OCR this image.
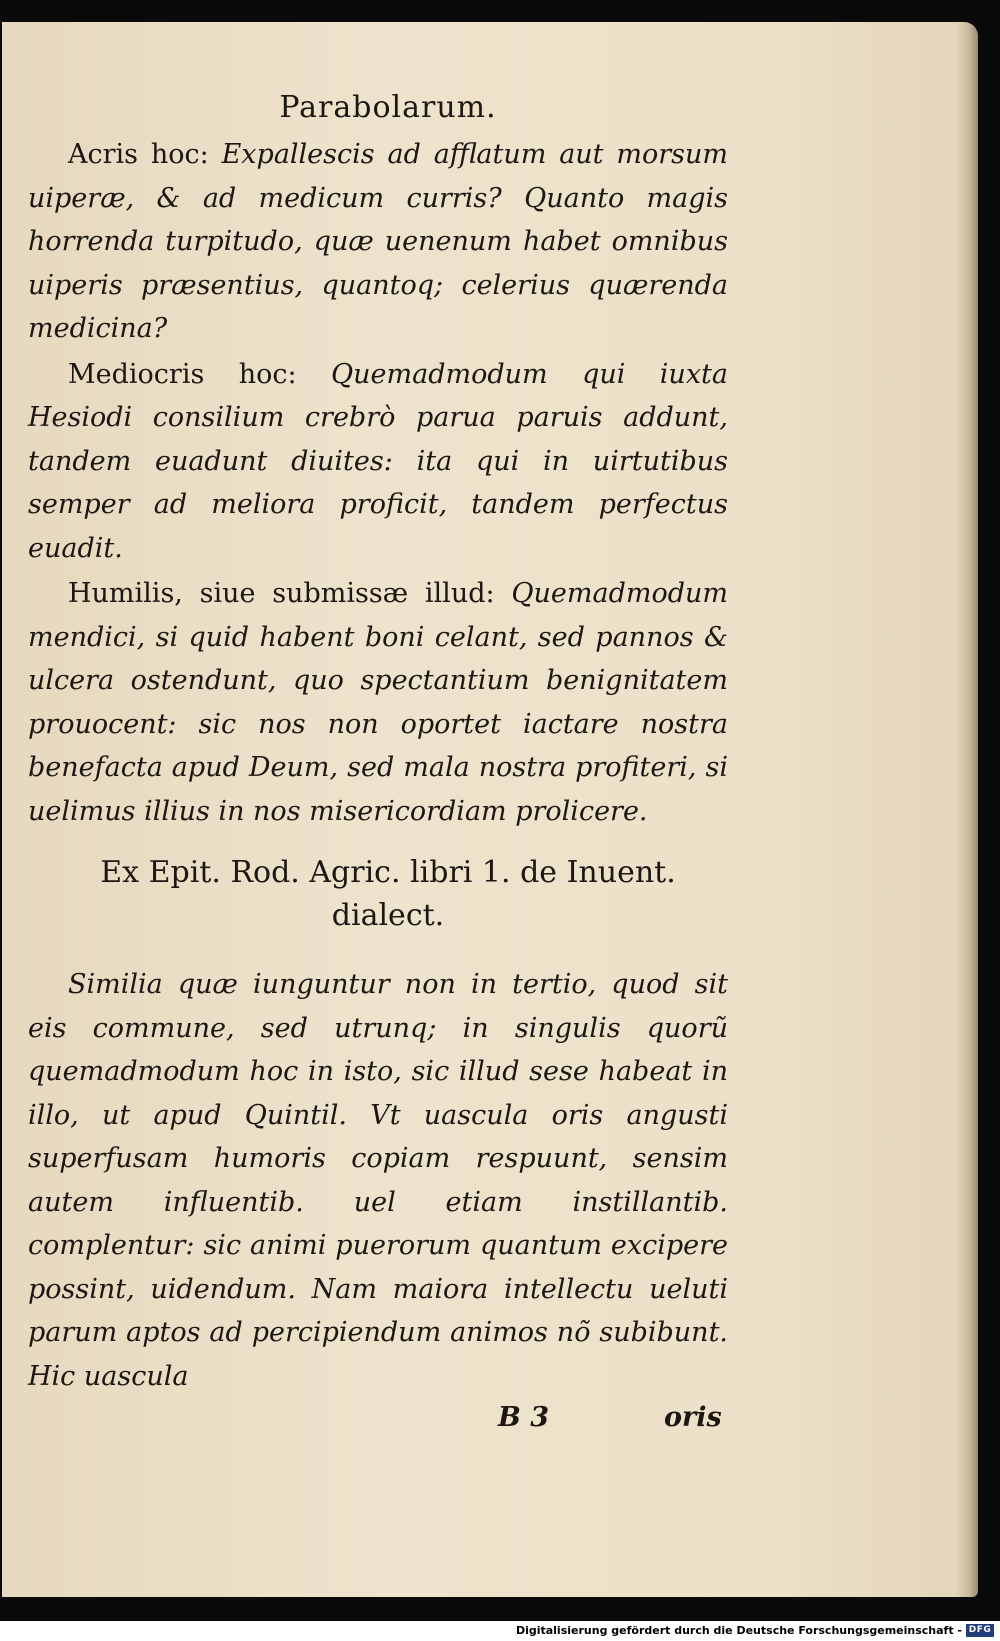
Parabolarum.

Acris hoc: Expallescis ad afflatum aut morsum uiperæ, & ad medicum curris? Quanto magis horrenda turpitudo, quæ uenenum habet omnibus uiperis præsentius, quantoq; celerius quærenda medicina?

Mediocris hoc: Quemadmodum qui iuxta Hesiodi consilium crebrò parua paruis addunt, tandem euadunt diuites: ita qui in uirtutibus semper ad meliora proficit, tandem perfectus euadit.

Humilis, siue submissæ illud: Quemadmodum mendici, si quid habent boni celant, sed pannos & ulcera ostendunt, quo spectantium benignitatem prouocent: sic nos non oportet iactare nostra benefacta apud Deum, sed mala nostra profiteri, si uelimus illius in nos misericordiam prolicere.

Ex Epit. Rod. Agric. libri 1. de Inuent. dialect.

Similia quæ iunguntur non in tertio, quod sit eis commune, sed utrunq; in singulis quorũ quemadmodum hoc in isto, sic illud sese habeat in illo, ut apud Quintil. Vt uascula oris angusti superfusam humoris copiam respuunt, sensim autem influentib. uel etiam instillantib. complentur: sic animi puerorum quantum excipere possint, uidendum. Nam maiora intellectu ueluti parum aptos ad percipiendum animos nõ subibunt. Hic uascula

B 3	oris
Digitalisierung gefördert durch die Deutsche Forschungsgemeinschaft - DFG
